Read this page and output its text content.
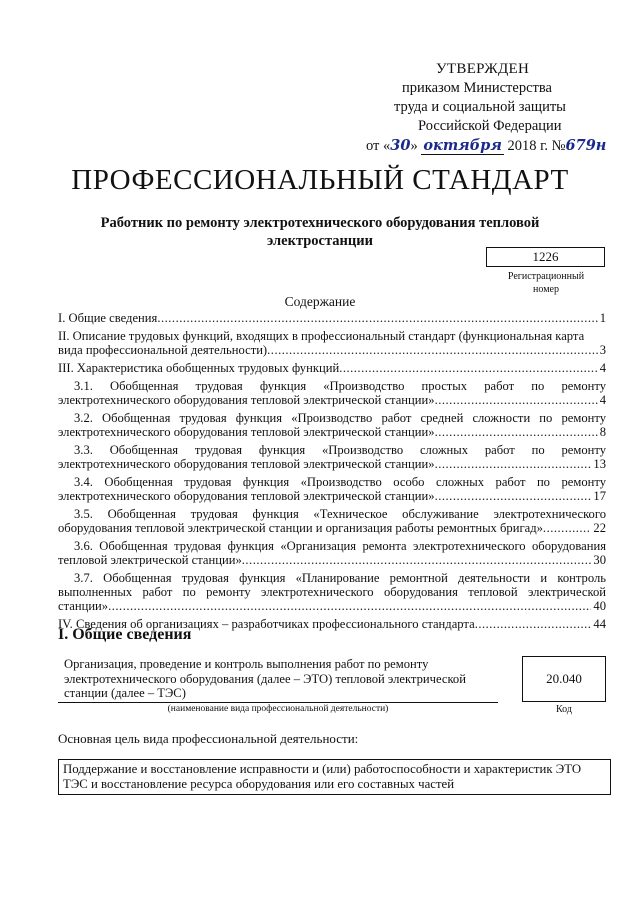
УТВЕРЖДЕН
приказом Министерства
труда и социальной защиты
Российской Федерации
от «30» октября 2018 г. №679н
ПРОФЕССИОНАЛЬНЫЙ СТАНДАРТ
Работник по ремонту электротехнического оборудования тепловой электростанции
1226
Регистрационный номер
Содержание
I. Общие сведения .....	1
II. Описание трудовых функций, входящих в профессиональный стандарт (функциональная карта
вида профессиональной деятельности) .....	3
III. Характеристика обобщенных трудовых функций .....	4
3.1. Обобщенная трудовая функция «Производство простых работ по ремонту
электротехнического оборудования тепловой электрической станции» .....	4
3.2. Обобщенная трудовая функция «Производство работ средней сложности по ремонту
электротехнического оборудования тепловой электрической станции» .....	8
3.3. Обобщенная трудовая функция «Производство сложных работ по ремонту
электротехнического оборудования тепловой электрической станции» .....	13
3.4. Обобщенная трудовая функция «Производство особо сложных работ по ремонту
электротехнического оборудования тепловой электрической станции» .....	17
3.5. Обобщенная трудовая функция «Техническое обслуживание электротехнического
оборудования тепловой электрической станции и организация работы ремонтных бригад» .....	22
3.6. Обобщенная трудовая функция «Организация ремонта электротехнического оборудования
тепловой электрической станции» .....	30
3.7. Обобщенная трудовая функция «Планирование ремонтной деятельности и контроль выполненных работ по ремонту электротехнического оборудования тепловой электрической
станции» .....	40
IV. Сведения об организациях – разработчиках профессионального стандарта .....	44
I. Общие сведения
Организация, проведение и контроль выполнения работ по ремонту электротехнического оборудования (далее – ЭТО) тепловой электрической станции (далее – ТЭС)
(наименование вида профессиональной деятельности)
20.040
Код
Основная цель вида профессиональной деятельности:
Поддержание и восстановление исправности и (или) работоспособности и характеристик ЭТО ТЭС и восстановление ресурса оборудования или его составных частей
